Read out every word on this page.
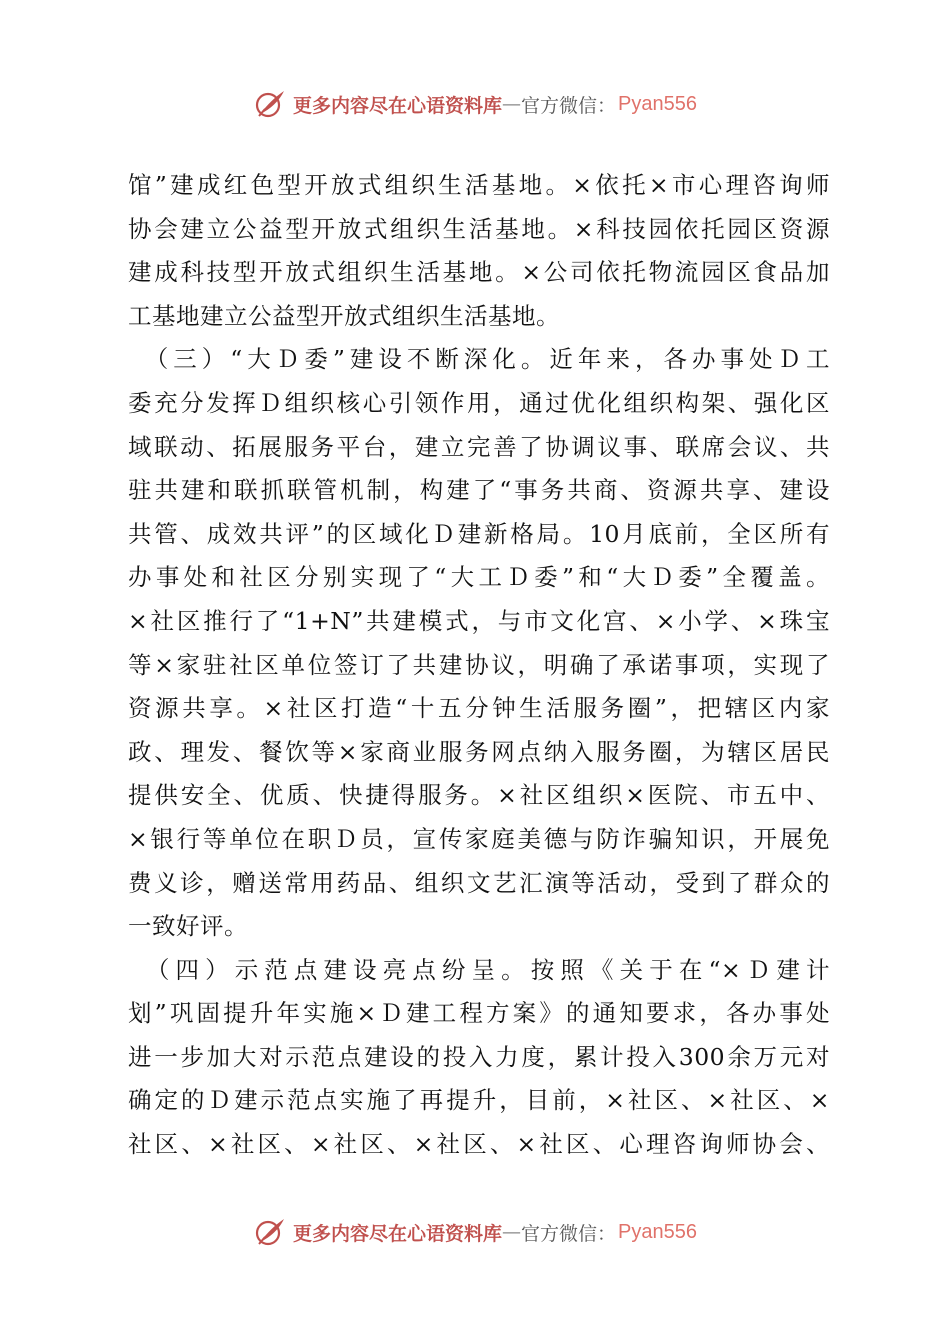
更多内容尽在心语资料库 — 官方微信： Pyan556
馆”建成红色型开放式组织生活基地。×依托×市心理咨询师
协会建立公益型开放式组织生活基地。×科技园依托园区资源
建成科技型开放式组织生活基地。×公司依托物流园区食品加
工基地建立公益型开放式组织生活基地。
　（三）“大Ｄ委”建设不断深化。近年来，各办事处Ｄ工
委充分发挥Ｄ组织核心引领作用，通过优化组织构架、强化区
域联动、拓展服务平台，建立完善了协调议事、联席会议、共
驻共建和联抓联管机制，构建了“事务共商、资源共享、建设
共管、成效共评”的区域化Ｄ建新格局。10月底前，全区所有
办事处和社区分别实现了“大工Ｄ委”和“大Ｄ委”全覆盖。
×社区推行了“1+N”共建模式，与市文化宫、×小学、×珠宝
等×家驻社区单位签订了共建协议，明确了承诺事项，实现了
资源共享。×社区打造“十五分钟生活服务圈”，把辖区内家
政、理发、餐饮等×家商业服务网点纳入服务圈，为辖区居民
提供安全、优质、快捷得服务。×社区组织×医院、市五中、
×银行等单位在职Ｄ员，宣传家庭美德与防诈骗知识，开展免
费义诊，赠送常用药品、组织文艺汇演等活动，受到了群众的
一致好评。
　（四）示范点建设亮点纷呈。按照《关于在“×Ｄ建计
划”巩固提升年实施×Ｄ建工程方案》的通知要求，各办事处
进一步加大对示范点建设的投入力度，累计投入300余万元对
确定的Ｄ建示范点实施了再提升，目前，×社区、×社区、×
社区、×社区、×社区、×社区、×社区、心理咨询师协会、
更多内容尽在心语资料库 — 官方微信： Pyan556
